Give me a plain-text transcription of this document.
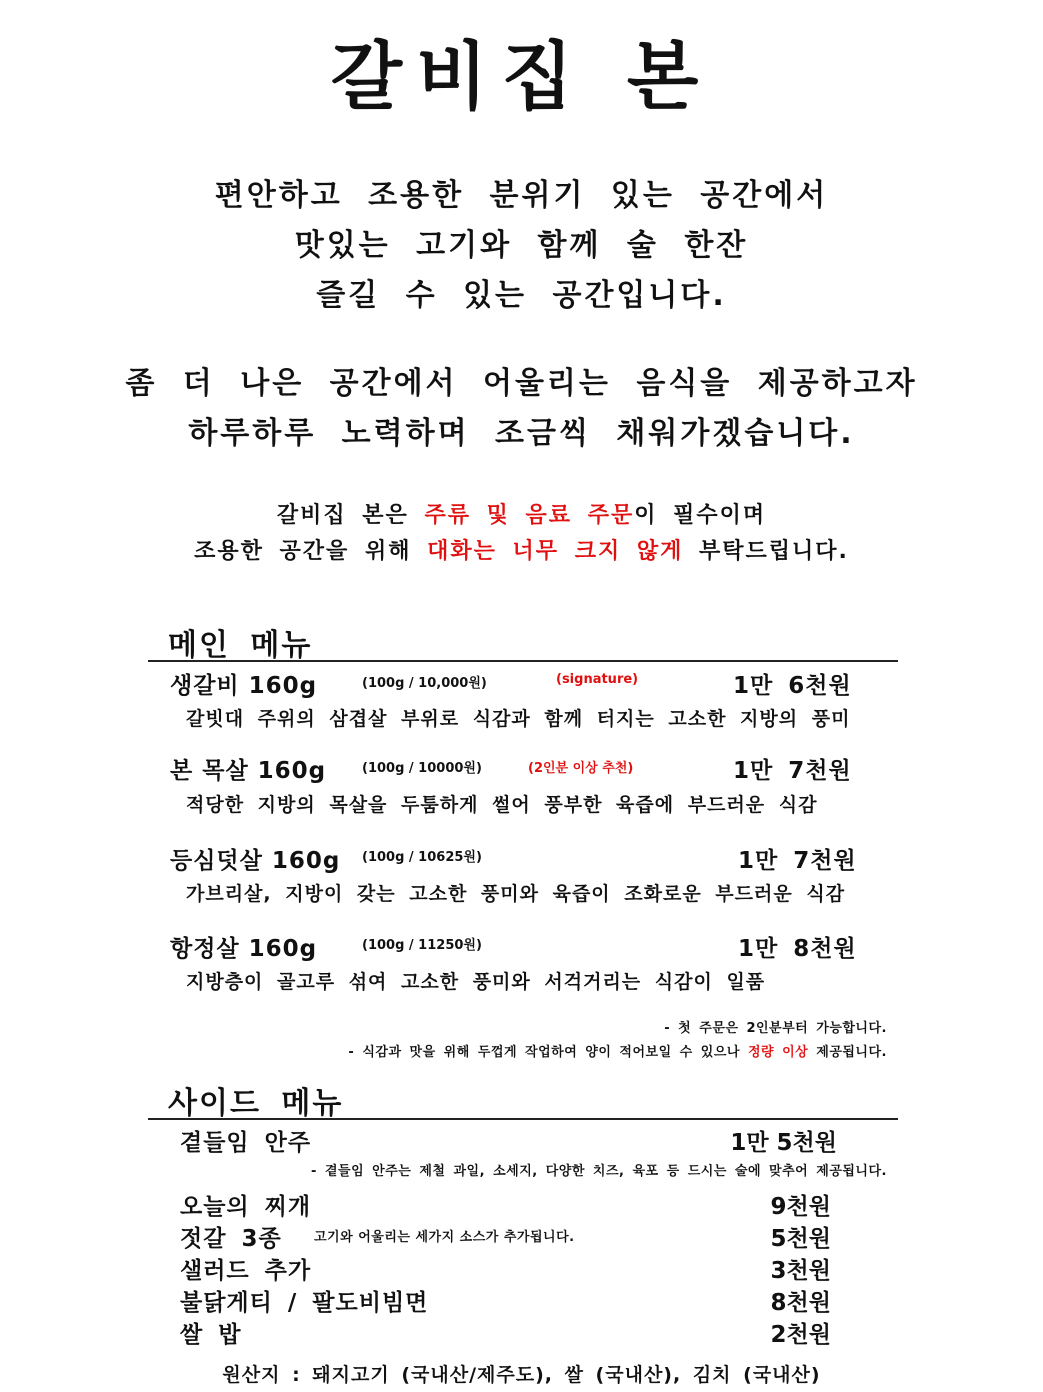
갈비집 본
편안하고 조용한 분위기 있는 공간에서
맛있는 고기와 함께 술 한잔
즐길 수 있는 공간입니다.
좀 더 나은 공간에서 어울리는 음식을 제공하고자
하루하루 노력하며 조금씩 채워가겠습니다.
갈비집 본은 주류 및 음료 주문이 필수이며
조용한 공간을 위해 대화는 너무 크지 않게 부탁드립니다.
메인 메뉴
생갈비 160g	(100g / 10,000원)	(signature)	1만 6천원
갈빗대 주위의 삼겹살 부위로 식감과 함께 터지는 고소한 지방의 풍미
본 목살 160g	(100g / 10000원)	(2인분 이상 추천)	1만 7천원
적당한 지방의 목살을 두툼하게 썰어 풍부한 육즙에 부드러운 식감
등심덧살 160g (100g / 10625원)	1만 7천원
가브리살, 지방이 갖는 고소한 풍미와 육즙이 조화로운 부드러운 식감
항정살 160g	(100g / 11250원)	1만 8천원
지방층이 골고루 섞여 고소한 풍미와 서걱거리는 식감이 일품
- 첫 주문은 2인분부터 가능합니다.
- 식감과 맛을 위해 두껍게 작업하여 양이 적어보일 수 있으나 정량 이상 제공됩니다.
사이드 메뉴
곁들임 안주	1만 5천원
- 곁들임 안주는 제철 과일, 소세지, 다양한 치즈, 육포 등 드시는 술에 맞추어 제공됩니다.
오늘의 찌개	9천원
젓갈 3종 고기와 어울리는 세가지 소스가 추가됩니다.	5천원
샐러드 추가	3천원
불닭게티 / 팔도비빔면	8천원
쌀 밥	2천원
원산지 : 돼지고기 (국내산/제주도), 쌀 (국내산), 김치 (국내산)
